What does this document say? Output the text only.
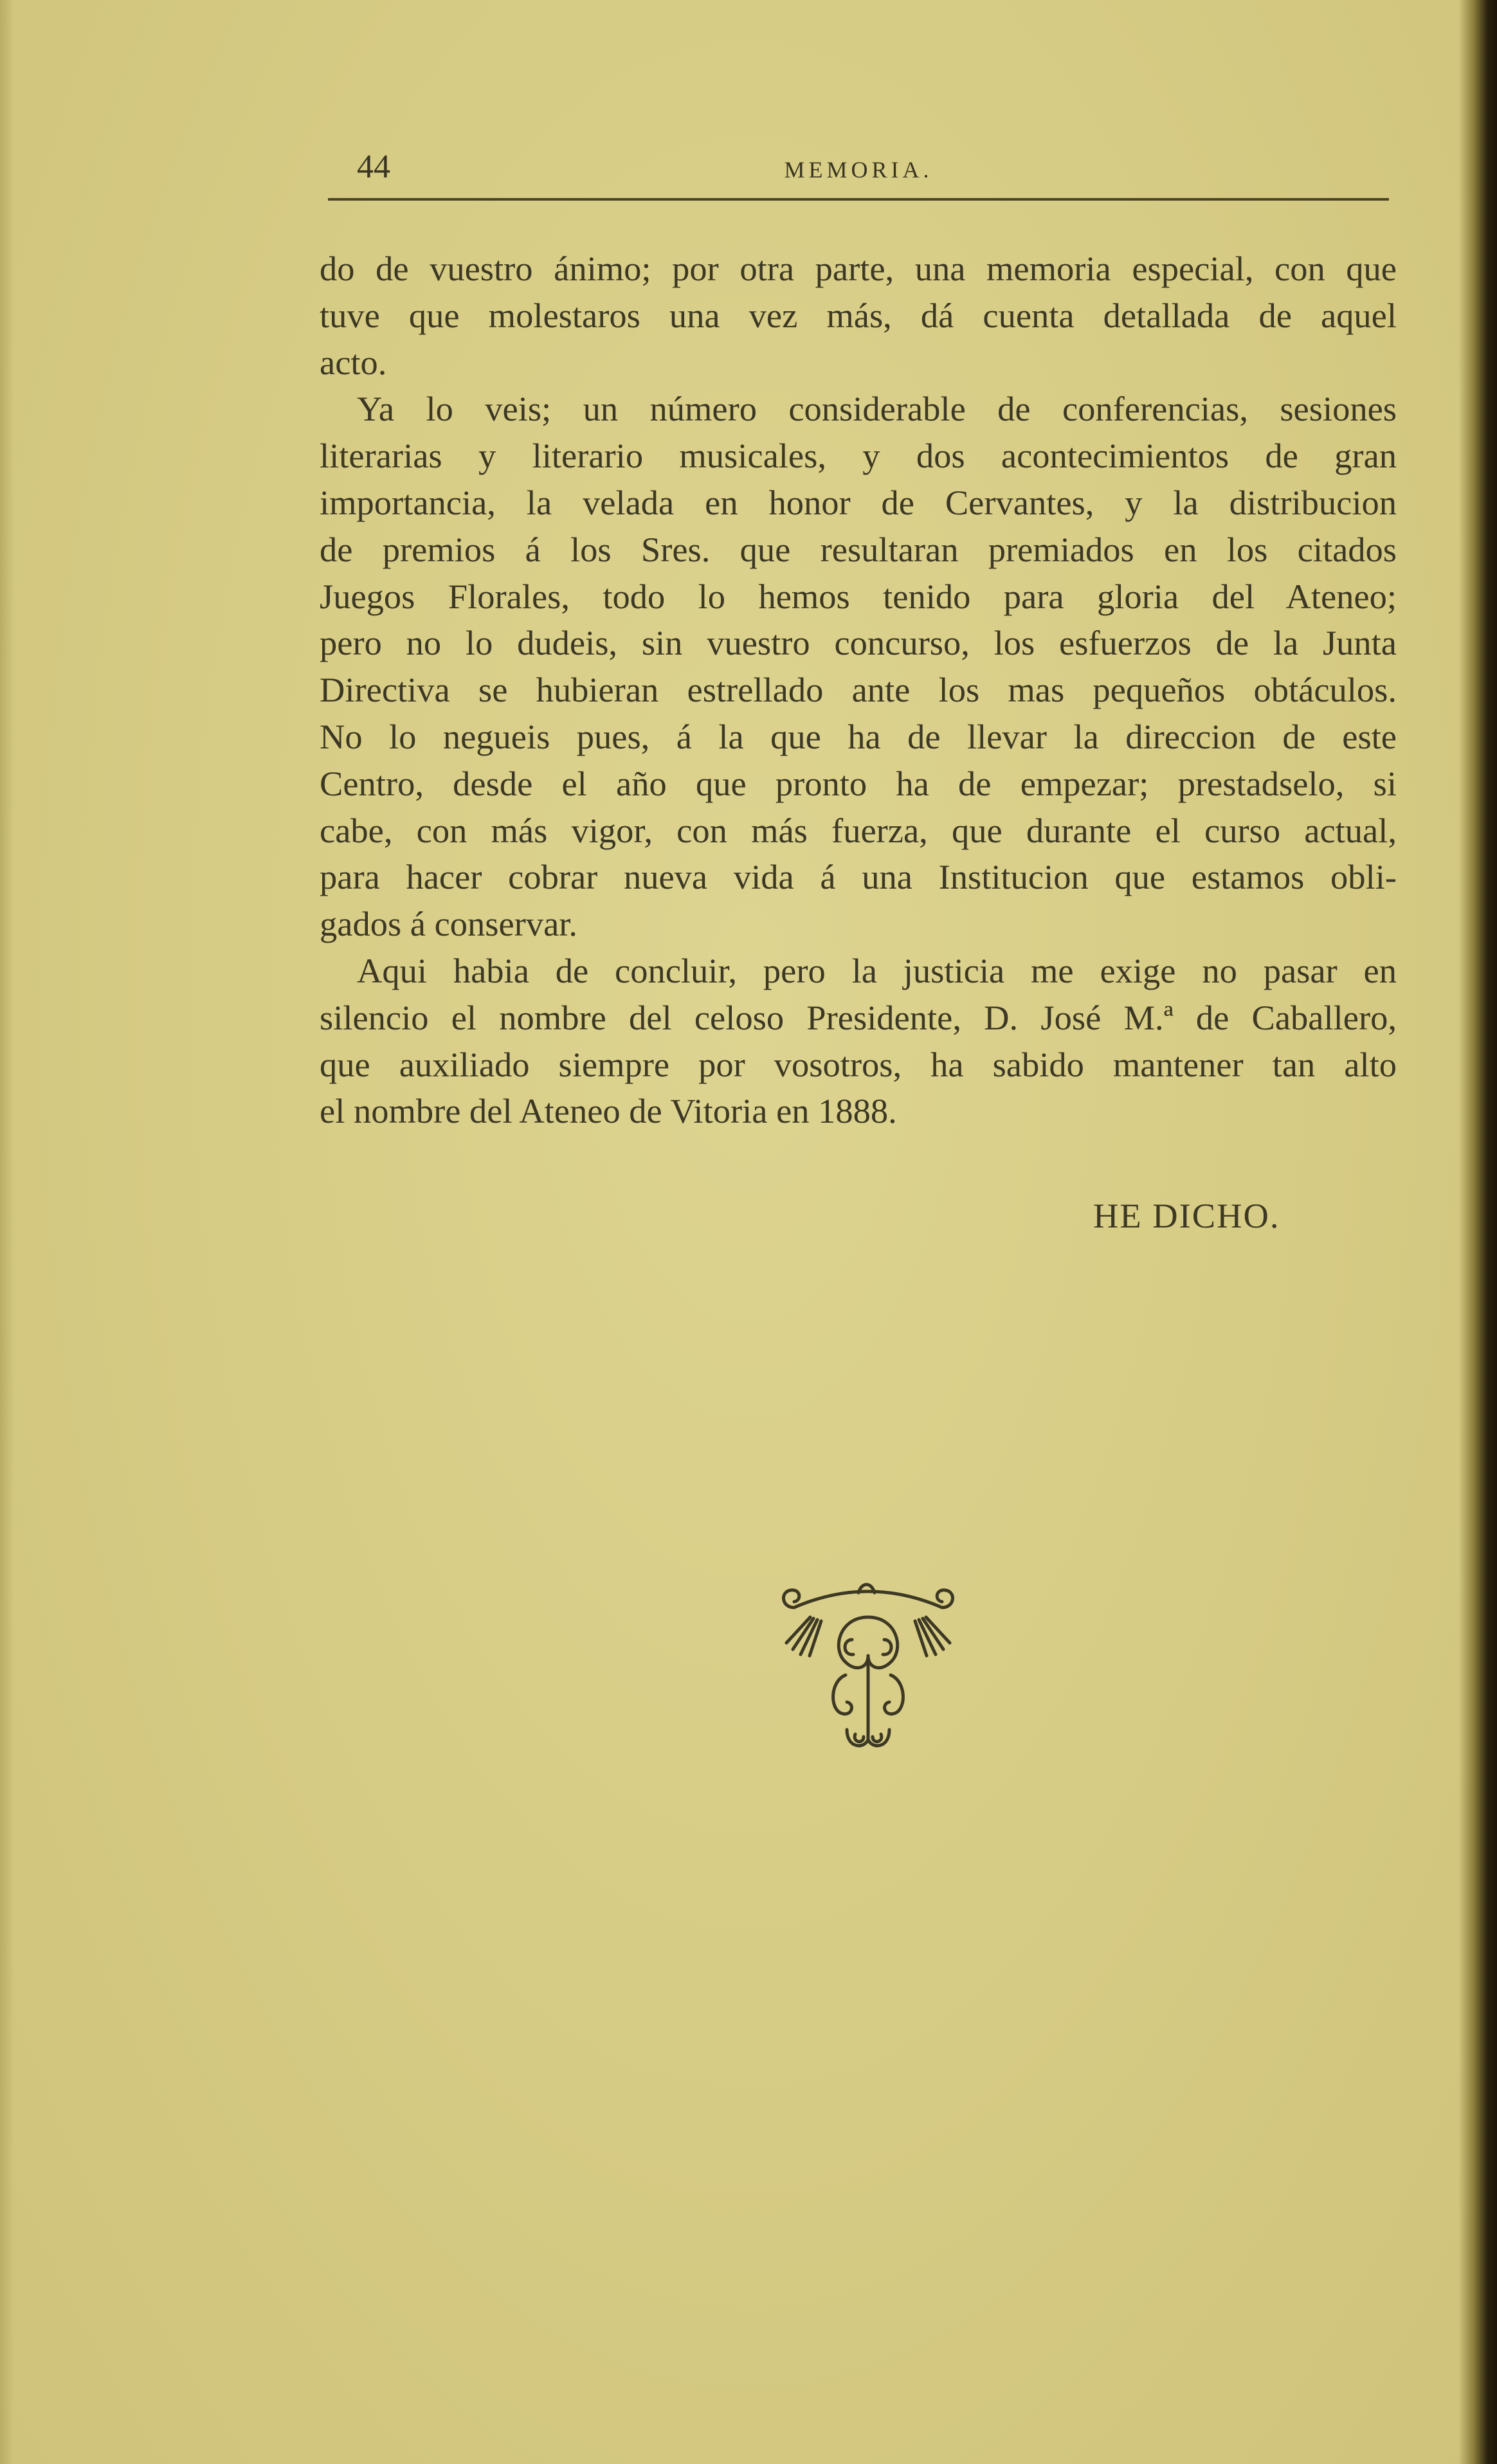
44	MEMORIA.
do de vuestro ánimo; por otra parte, una memoria especial, con que
tuve que molestaros una vez más, dá cuenta detallada de aquel
acto.
Ya lo veis; un número considerable de conferencias, sesiones
literarias y literario musicales, y dos acontecimientos de gran
importancia, la velada en honor de Cervantes, y la distribucion
de premios á los Sres. que resultaran premiados en los citados
Juegos Florales, todo lo hemos tenido para gloria del Ateneo;
pero no lo dudeis, sin vuestro concurso, los esfuerzos de la Junta
Directiva se hubieran estrellado ante los mas pequeños obtáculos.
No lo negueis pues, á la que ha de llevar la direccion de este
Centro, desde el año que pronto ha de empezar; prestadselo, si
cabe, con más vigor, con más fuerza, que durante el curso actual,
para hacer cobrar nueva vida á una Institucion que estamos obli-
gados á conservar.
Aqui habia de concluir, pero la justicia me exige no pasar en
silencio el nombre del celoso Presidente, D. José M.ª de Caballero,
que auxiliado siempre por vosotros, ha sabido mantener tan alto
el nombre del Ateneo de Vitoria en 1888.
HE DICHO.
